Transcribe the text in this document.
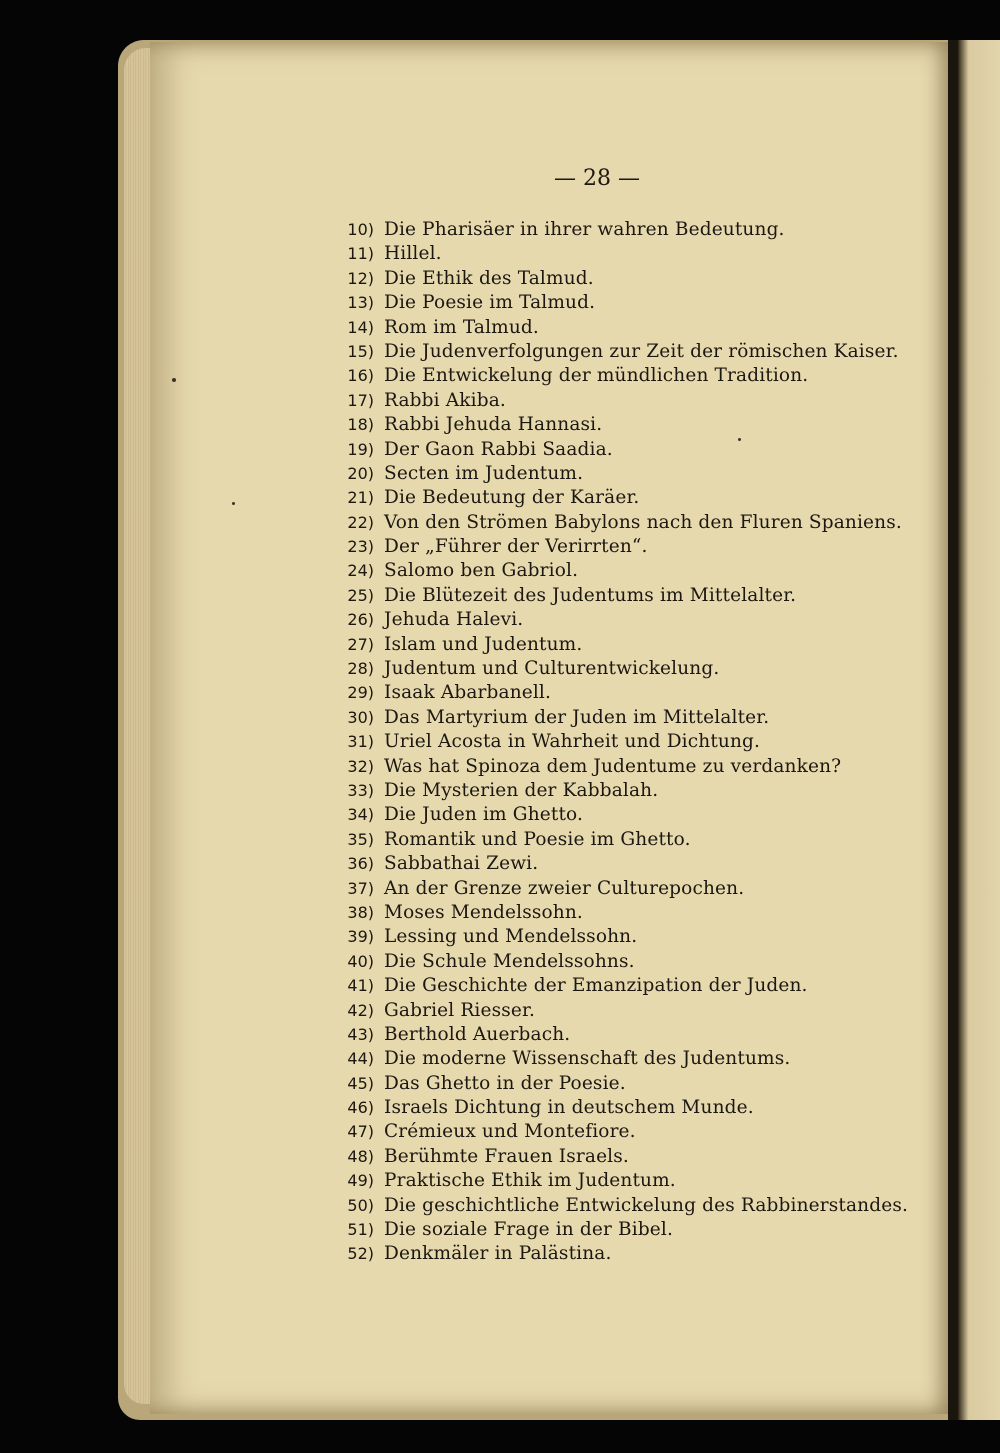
— 28 —
10) Die Pharisäer in ihrer wahren Bedeutung.
11) Hillel.
12) Die Ethik des Talmud.
13) Die Poesie im Talmud.
14) Rom im Talmud.
15) Die Judenverfolgungen zur Zeit der römischen Kaiser.
16) Die Entwickelung der mündlichen Tradition.
17) Rabbi Akiba.
18) Rabbi Jehuda Hannasi.
19) Der Gaon Rabbi Saadia.
20) Secten im Judentum.
21) Die Bedeutung der Karäer.
22) Von den Strömen Babylons nach den Fluren Spaniens.
23) Der „Führer der Verirrten“.
24) Salomo ben Gabriol.
25) Die Blütezeit des Judentums im Mittelalter.
26) Jehuda Halevi.
27) Islam und Judentum.
28) Judentum und Culturentwickelung.
29) Isaak Abarbanell.
30) Das Martyrium der Juden im Mittelalter.
31) Uriel Acosta in Wahrheit und Dichtung.
32) Was hat Spinoza dem Judentume zu verdanken?
33) Die Mysterien der Kabbalah.
34) Die Juden im Ghetto.
35) Romantik und Poesie im Ghetto.
36) Sabbathai Zewi.
37) An der Grenze zweier Culturepochen.
38) Moses Mendelssohn.
39) Lessing und Mendelssohn.
40) Die Schule Mendelssohns.
41) Die Geschichte der Emanzipation der Juden.
42) Gabriel Riesser.
43) Berthold Auerbach.
44) Die moderne Wissenschaft des Judentums.
45) Das Ghetto in der Poesie.
46) Israels Dichtung in deutschem Munde.
47) Crémieux und Montefiore.
48) Berühmte Frauen Israels.
49) Praktische Ethik im Judentum.
50) Die geschichtliche Entwickelung des Rabbinerstandes.
51) Die soziale Frage in der Bibel.
52) Denkmäler in Palästina.
